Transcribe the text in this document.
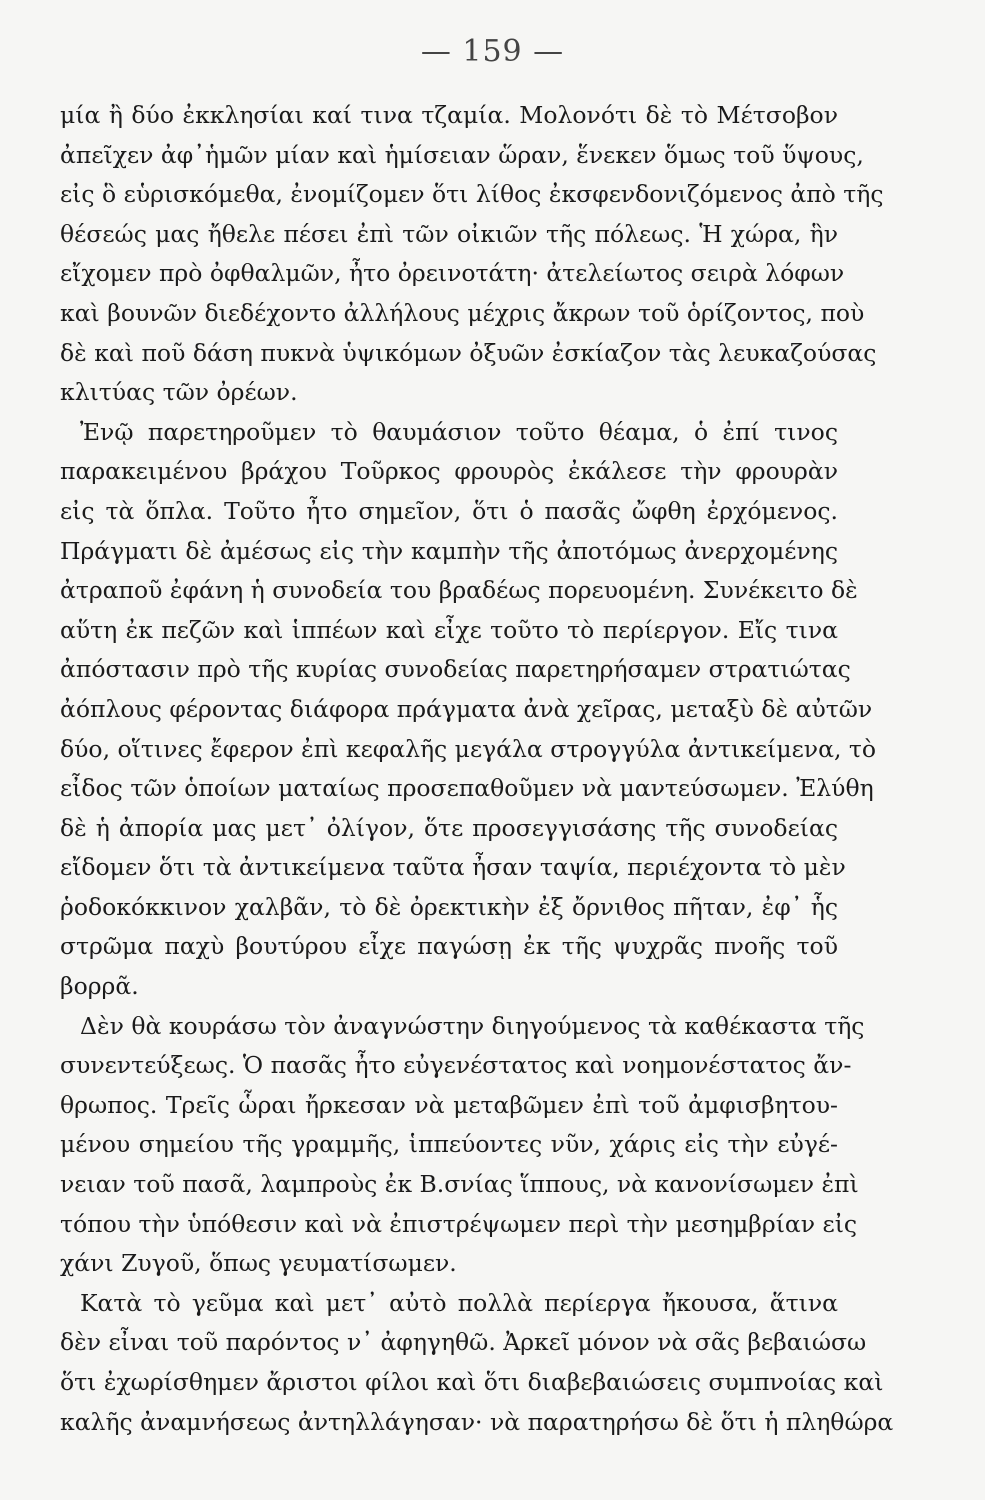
— 159 —
μία ἢ δύο ἐκκλησίαι καί τινα τζαμία. Μολονότι δὲ τὸ Μέτσοβον
ἀπεῖχεν ἀφ᾽ἡμῶν μίαν καὶ ἡμίσειαν ὥραν, ἕνεκεν ὅμως τοῦ ὕψους,
εἰς ὃ εὑρισκόμεθα, ἐνομίζομεν ὅτι λίθος ἐκσφενδονιζόμενος ἀπὸ τῆς
θέσεώς μας ἤθελε πέσει ἐπὶ τῶν οἰκιῶν τῆς πόλεως. Ἡ χώρα, ἣν
εἴχομεν πρὸ ὀφθαλμῶν, ἦτο ὀρεινοτάτη· ἀτελείωτος σειρὰ λόφων
καὶ βουνῶν διεδέχοντο ἀλλήλους μέχρις ἄκρων τοῦ ὁρίζοντος, ποὺ
δὲ καὶ ποῦ δάση πυκνὰ ὑψικόμων ὀξυῶν ἐσκίαζον τὰς λευκαζούσας
κλιτύας τῶν ὀρέων.
Ἐνῷ παρετηροῦμεν τὸ θαυμάσιον τοῦτο θέαμα, ὁ ἐπί τινος
παρακειμένου βράχου Τοῦρκος φρουρὸς ἐκάλεσε τὴν φρουρὰν
εἰς τὰ ὅπλα. Τοῦτο ἦτο σημεῖον, ὅτι ὁ πασᾶς ὤφθη ἐρχόμενος.
Πράγματι δὲ ἀμέσως εἰς τὴν καμπὴν τῆς ἀποτόμως ἀνερχομένης
ἀτραποῦ ἐφάνη ἡ συνοδεία του βραδέως πορευομένη. Συνέκειτο δὲ
αὕτη ἐκ πεζῶν καὶ ἱππέων καὶ εἶχε τοῦτο τὸ περίεργον. Εἴς τινα
ἀπόστασιν πρὸ τῆς κυρίας συνοδείας παρετηρήσαμεν στρατιώτας
ἀόπλους φέροντας διάφορα πράγματα ἀνὰ χεῖρας, μεταξὺ δὲ αὐτῶν
δύο, οἵτινες ἔφερον ἐπὶ κεφαλῆς μεγάλα στρογγύλα ἀντικείμενα, τὸ
εἶδος τῶν ὁποίων ματαίως προσεπαθοῦμεν νὰ μαντεύσωμεν. Ἐλύθη
δὲ ἡ ἀπορία μας μετ᾽ ὀλίγον, ὅτε προσεγγισάσης τῆς συνοδείας
εἴδομεν ὅτι τὰ ἀντικείμενα ταῦτα ἦσαν ταψία, περιέχοντα τὸ μὲν
ῥοδοκόκκινον χαλβᾶν, τὸ δὲ ὀρεκτικὴν ἐξ ὄρνιθος πῆταν, ἐφ᾽ ἧς
στρῶμα παχὺ βουτύρου εἶχε παγώσῃ ἐκ τῆς ψυχρᾶς πνοῆς τοῦ
βορρᾶ.
Δὲν θὰ κουράσω τὸν ἀναγνώστην διηγούμενος τὰ καθέκαστα τῆς
συνεντεύξεως. Ὁ πασᾶς ἦτο εὐγενέστατος καὶ νοημονέστατος ἄν-
θρωπος. Τρεῖς ὧραι ἤρκεσαν νὰ μεταβῶμεν ἐπὶ τοῦ ἀμφισβητου-
μένου σημείου τῆς γραμμῆς, ἱππεύοντες νῦν, χάρις εἰς τὴν εὐγέ-
νειαν τοῦ πασᾶ, λαμπροὺς ἐκ Β.σνίας ἵππους, νὰ κανονίσωμεν ἐπὶ
τόπου τὴν ὑπόθεσιν καὶ νὰ ἐπιστρέψωμεν περὶ τὴν μεσημβρίαν εἰς
χάνι Ζυγοῦ, ὅπως γευματίσωμεν.
Κατὰ τὸ γεῦμα καὶ μετ᾽ αὐτὸ πολλὰ περίεργα ἤκουσα, ἅτινα
δὲν εἶναι τοῦ παρόντος ν᾽ ἀφηγηθῶ. Ἀρκεῖ μόνον νὰ σᾶς βεβαιώσω
ὅτι ἐχωρίσθημεν ἄριστοι φίλοι καὶ ὅτι διαβεβαιώσεις συμπνοίας καὶ
καλῆς ἀναμνήσεως ἀντηλλάγησαν· νὰ παρατηρήσω δὲ ὅτι ἡ πληθώρα
